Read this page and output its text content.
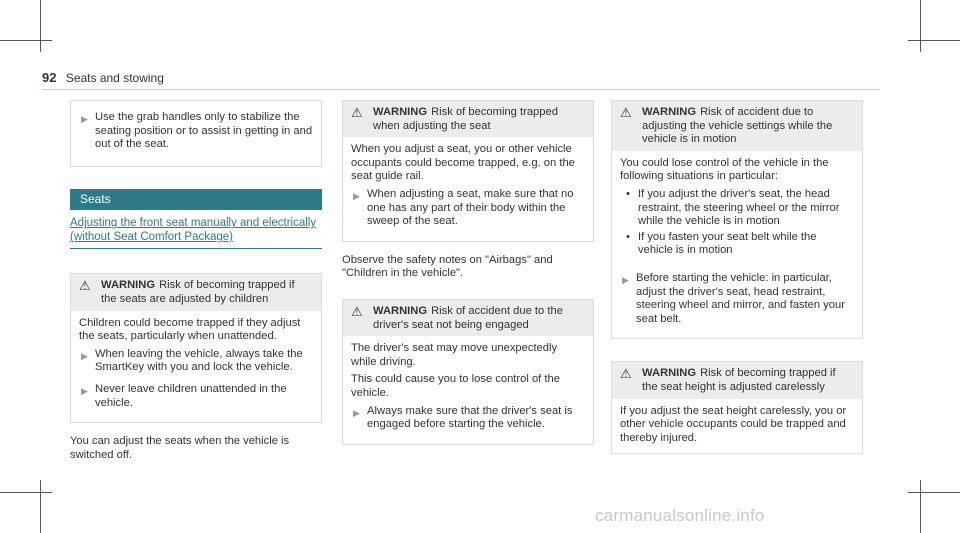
92 Seats and stowing
▶ Use the grab handles only to stabilize the seating position or to assist in getting in and out of the seat.
Seats
Adjusting the front seat manually and electrically (without Seat Comfort Package)
⚠ WARNING Risk of becoming trapped if the seats are adjusted by children

Children could become trapped if they adjust the seats, particularly when unattended.

▶ When leaving the vehicle, always take the SmartKey with you and lock the vehicle.
▶ Never leave children unattended in the vehicle.

You can adjust the seats when the vehicle is switched off.

⚠ WARNING Risk of becoming trapped when adjusting the seat

When you adjust a seat, you or other vehicle occupants could become trapped, e.g. on the seat guide rail.

▶ When adjusting a seat, make sure that no one has any part of their body within the sweep of the seat.

Observe the safety notes on "Airbags" and "Children in the vehicle".

⚠ WARNING Risk of accident due to the driver's seat not being engaged

The driver's seat may move unexpectedly while driving.

This could cause you to lose control of the vehicle.

▶ Always make sure that the driver's seat is engaged before starting the vehicle.
⚠ WARNING Risk of accident due to adjusting the vehicle settings while the vehicle is in motion

You could lose control of the vehicle in the following situations in particular:

• If you adjust the driver's seat, the head restraint, the steering wheel or the mirror while the vehicle is in motion
• If you fasten your seat belt while the vehicle is in motion
▶ Before starting the vehicle: in particular, adjust the driver's seat, head restraint, steering wheel and mirror, and fasten your seat belt.
⚠ WARNING Risk of becoming trapped if the seat height is adjusted carelessly

If you adjust the seat height carelessly, you or other vehicle occupants could be trapped and thereby injured.

carmanualsonline.info
